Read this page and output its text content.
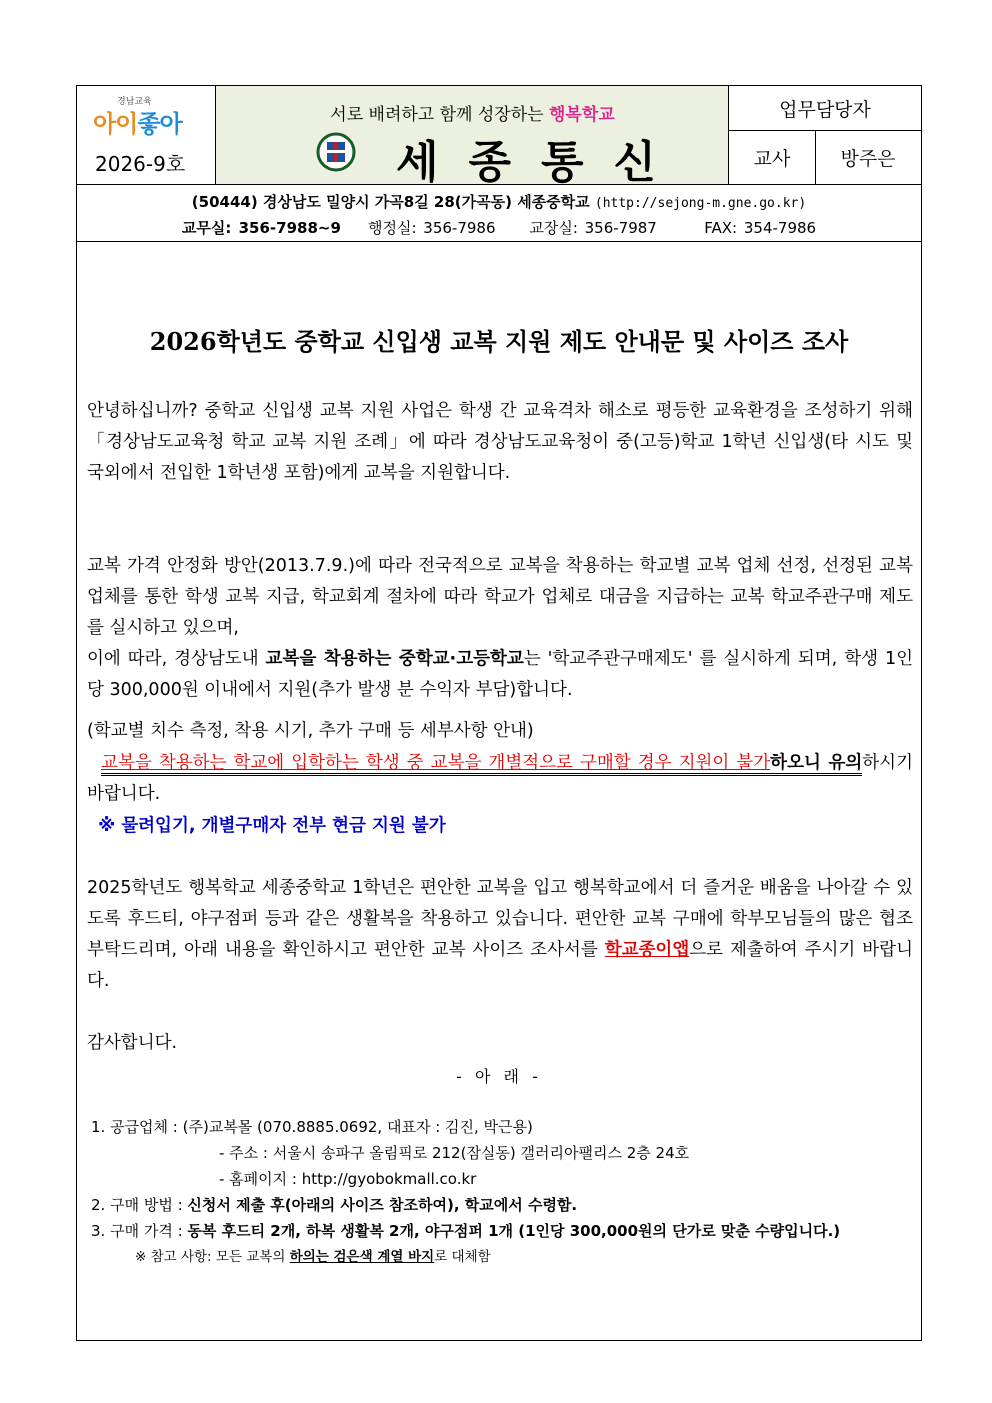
경남교육
아이좋아
2026-9호
서로 배려하고 함께 성장하는 행복학교
세종통신
업무담당자
교사	방주은
(50444) 경상남도 밀양시 가곡8길 28(가곡동) 세종중학교 (http://sejong-m.gne.go.kr)
교무실: 356-7988~9 행정실: 356-7986 교장실: 356-7987	FAX: 354-7986
2026학년도 중학교 신입생 교복 지원 제도 안내문 및 사이즈 조사
안녕하십니까? 중학교 신입생 교복 지원 사업은 학생 간 교육격차 해소로 평등한 교육환경을 조성하기 위해 「경상남도교육청 학교 교복 지원 조례」에 따라 경상남도교육청이 중(고등)학교 1학년 신입생(타 시도 및 국외에서 전입한 1학년생 포함)에게 교복을 지원합니다.
교복 가격 안정화 방안(2013.7.9.)에 따라 전국적으로 교복을 착용하는 학교별 교복 업체 선정, 선정된 교복 업체를 통한 학생 교복 지급, 학교회계 절차에 따라 학교가 업체로 대금을 지급하는 교복 학교주관구매 제도를 실시하고 있으며,
이에 따라, 경상남도내 교복을 착용하는 중학교·고등학교는 '학교주관구매제도' 를 실시하게 되며, 학생 1인당 300,000원 이내에서 지원(추가 발생 분 수익자 부담)합니다.
(학교별 치수 측정, 착용 시기, 추가 구매 등 세부사항 안내)
교복을 착용하는 학교에 입학하는 학생 중 교복을 개별적으로 구매할 경우 지원이 불가하오니 유의하시기 바랍니다.
※ 물려입기, 개별구매자 전부 현금 지원 불가
2025학년도 행복학교 세종중학교 1학년은 편안한 교복을 입고 행복학교에서 더 즐거운 배움을 나아갈 수 있도록 후드티, 야구점퍼 등과 같은 생활복을 착용하고 있습니다. 편안한 교복 구매에 학부모님들의 많은 협조 부탁드리며, 아래 내용을 확인하시고 편안한 교복 사이즈 조사서를 학교종이앱으로 제출하여 주시기 바랍니다.
감사합니다.
- 아 래 -
1. 공급업체 : (주)교복몰 (070.8885.0692, 대표자 : 김진, 박근용)
- 주소 : 서울시 송파구 올림픽로 212(잠실동) 갤러리아팰리스 2층 24호
- 홈페이지 : http://gyobokmall.co.kr
2. 구매 방법 : 신청서 제출 후(아래의 사이즈 참조하여), 학교에서 수령함.
3. 구매 가격 : 동복 후드티 2개, 하복 생활복 2개, 야구점퍼 1개 (1인당 300,000원의 단가로 맞춘 수량입니다.)
※ 참고 사항: 모든 교복의 하의는 검은색 계열 바지로 대체함
